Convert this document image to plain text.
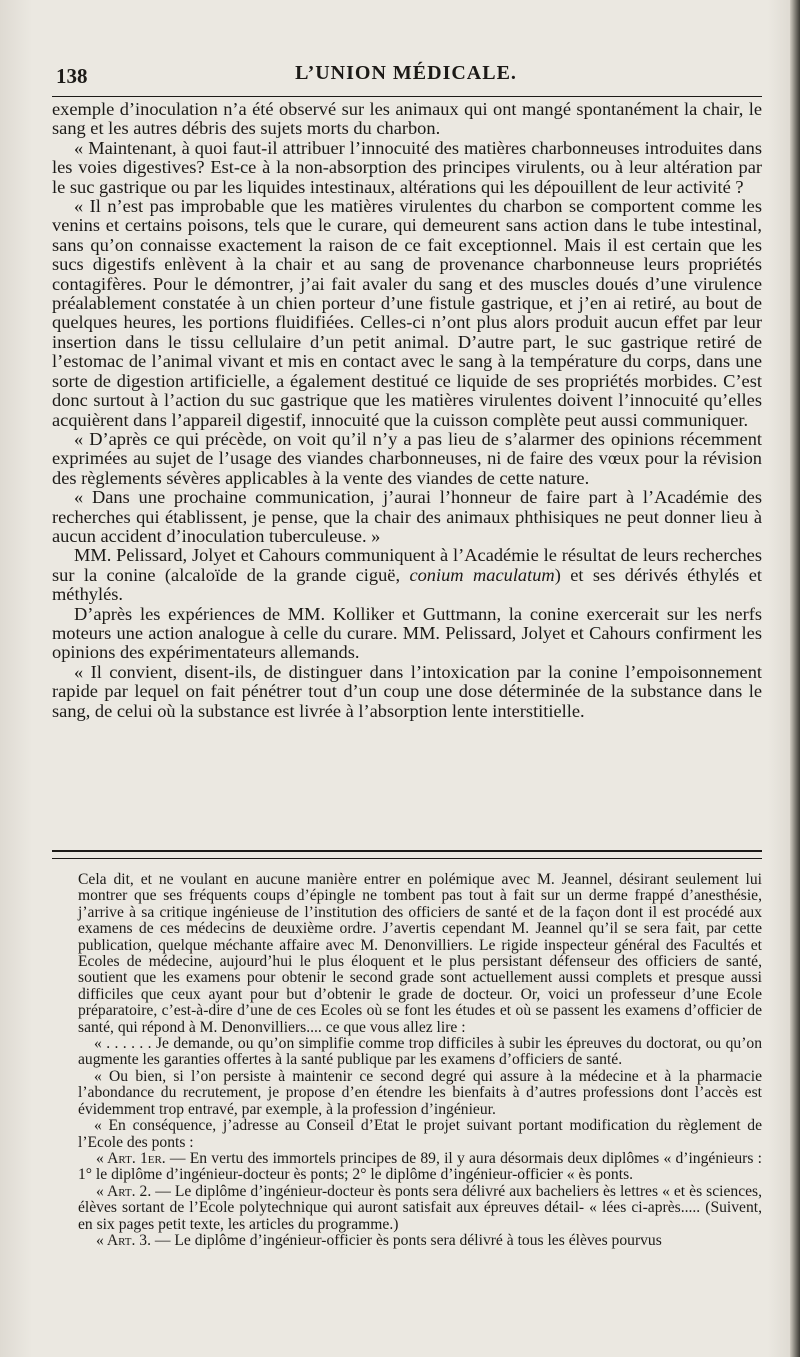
138	L’UNION MÉDICALE.

exemple d’inoculation n’a été observé sur les animaux qui ont mangé spontanément la chair, le sang et les autres débris des sujets morts du charbon.

« Maintenant, à quoi faut-il attribuer l’innocuité des matières charbonneuses introduites dans les voies digestives? Est-ce à la non-absorption des principes virulents, ou à leur altération par le suc gastrique ou par les liquides intestinaux, altérations qui les dépouillent de leur activité ?

« Il n’est pas improbable que les matières virulentes du charbon se comportent comme les venins et certains poisons, tels que le curare, qui demeurent sans action dans le tube intestinal, sans qu’on connaisse exactement la raison de ce fait exceptionnel. Mais il est certain que les sucs digestifs enlèvent à la chair et au sang de provenance charbonneuse leurs propriétés contagifères. Pour le démontrer, j’ai fait avaler du sang et des muscles doués d’une virulence préalablement constatée à un chien porteur d’une fistule gastrique, et j’en ai retiré, au bout de quelques heures, les portions fluidifiées. Celles-ci n’ont plus alors produit aucun effet par leur insertion dans le tissu cellulaire d’un petit animal. D’autre part, le suc gastrique retiré de l’estomac de l’animal vivant et mis en contact avec le sang à la température du corps, dans une sorte de digestion artificielle, a également destitué ce liquide de ses propriétés morbides. C’est donc surtout à l’action du suc gastrique que les matières virulentes doivent l’innocuité qu’elles acquièrent dans l’appareil digestif, innocuité que la cuisson complète peut aussi communiquer.

« D’après ce qui précède, on voit qu’il n’y a pas lieu de s’alarmer des opinions récemment exprimées au sujet de l’usage des viandes charbonneuses, ni de faire des vœux pour la révision des règlements sévères applicables à la vente des viandes de cette nature.

« Dans une prochaine communication, j’aurai l’honneur de faire part à l’Académie des recherches qui établissent, je pense, que la chair des animaux phthisiques ne peut donner lieu à aucun accident d’inoculation tuberculeuse. »

MM. Pelissard, Jolyet et Cahours communiquent à l’Académie le résultat de leurs recherches sur la conine (alcaloïde de la grande ciguë, conium maculatum) et ses dérivés éthylés et méthylés.

D’après les expériences de MM. Kolliker et Guttmann, la conine exercerait sur les nerfs moteurs une action analogue à celle du curare. MM. Pelissard, Jolyet et Cahours confirment les opinions des expérimentateurs allemands.

« Il convient, disent-ils, de distinguer dans l’intoxication par la conine l’empoisonnement rapide par lequel on fait pénétrer tout d’un coup une dose déterminée de la substance dans le sang, de celui où la substance est livrée à l’absorption lente interstitielle.

Cela dit, et ne voulant en aucune manière entrer en polémique avec M. Jeannel, désirant seulement lui montrer que ses fréquents coups d’épingle ne tombent pas tout à fait sur un derme frappé d’anesthésie, j’arrive à sa critique ingénieuse de l’institution des officiers de santé et de la façon dont il est procédé aux examens de ces médecins de deuxième ordre. J’avertis cependant M. Jeannel qu’il se sera fait, par cette publication, quelque méchante affaire avec M. Denonvilliers. Le rigide inspecteur général des Facultés et Ecoles de médecine, aujourd’hui le plus éloquent et le plus persistant défenseur des officiers de santé, soutient que les examens pour obtenir le second grade sont actuellement aussi complets et presque aussi difficiles que ceux ayant pour but d’obtenir le grade de docteur. Or, voici un professeur d’une Ecole préparatoire, c’est-à-dire d’une de ces Ecoles où se font les études et où se passent les examens d’officier de santé, qui répond à M. Denonvilliers.... ce que vous allez lire :

« . . . . . . Je demande, ou qu’on simplifie comme trop difficiles à subir les épreuves du doctorat, ou qu’on augmente les garanties offertes à la santé publique par les examens d’officiers de santé.

« Ou bien, si l’on persiste à maintenir ce second degré qui assure à la médecine et à la pharmacie l’abondance du recrutement, je propose d’en étendre les bienfaits à d’autres professions dont l’accès est évidemment trop entravé, par exemple, à la profession d’ingénieur.

« En conséquence, j’adresse au Conseil d’Etat le projet suivant portant modification du règlement de l’Ecole des ponts :

« Art. 1er. — En vertu des immortels principes de 89, il y aura désormais deux diplômes « d’ingénieurs : 1° le diplôme d’ingénieur-docteur ès ponts; 2° le diplôme d’ingénieur-officier « ès ponts.

« Art. 2. — Le diplôme d’ingénieur-docteur ès ponts sera délivré aux bacheliers ès lettres « et ès sciences, élèves sortant de l’Ecole polytechnique qui auront satisfait aux épreuves détail- « lées ci-après..... (Suivent, en six pages petit texte, les articles du programme.)

« Art. 3. — Le diplôme d’ingénieur-officier ès ponts sera délivré à tous les élèves pourvus
